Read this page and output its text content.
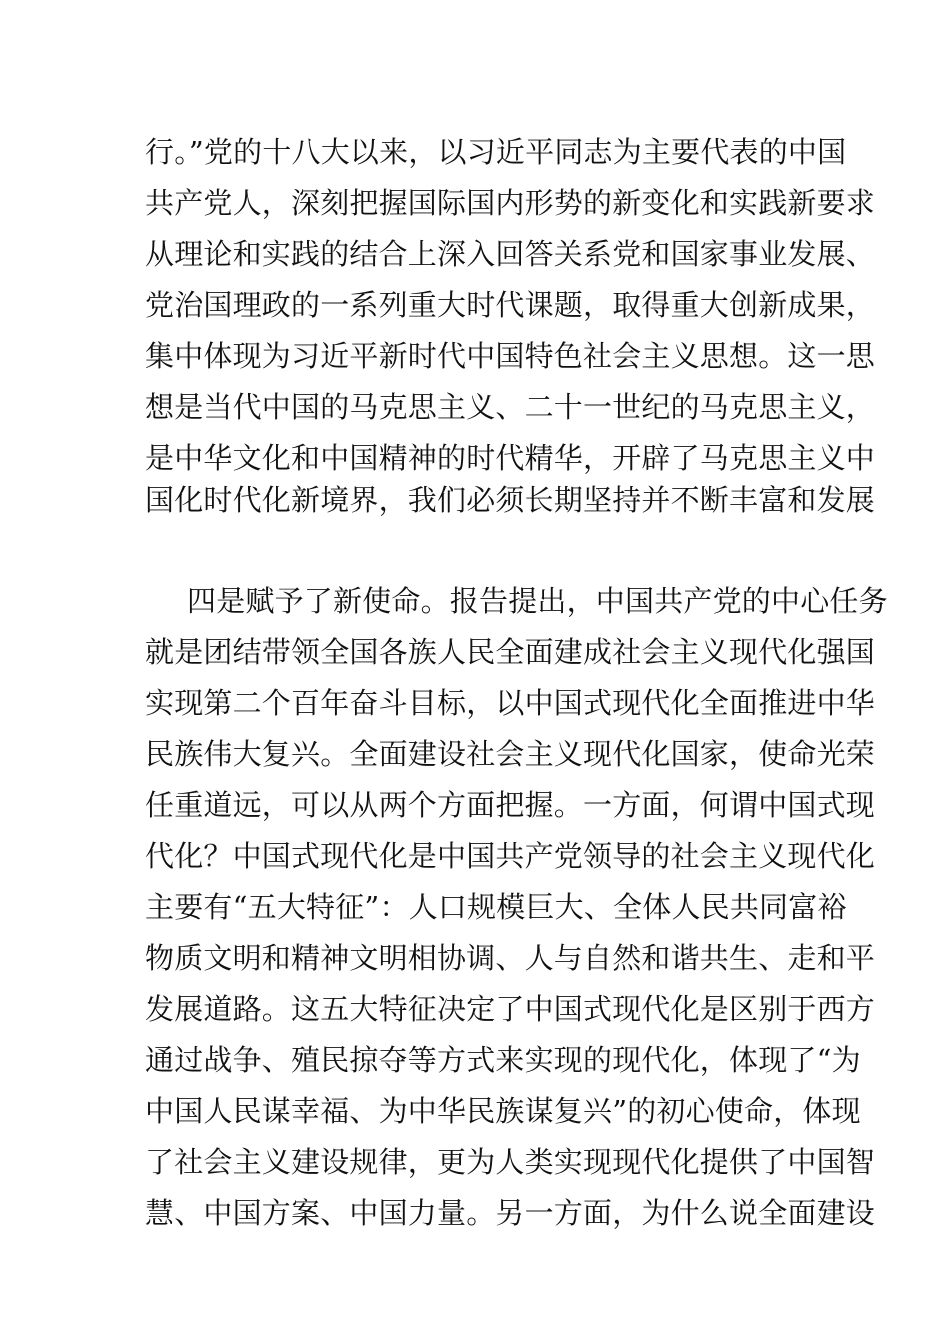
行。”党的十八大以来，以习近平同志为主要代表的中国
共产党人，深刻把握国际国内形势的新变化和实践新要求
从理论和实践的结合上深入回答关系党和国家事业发展、
党治国理政的一系列重大时代课题，取得重大创新成果，
集中体现为习近平新时代中国特色社会主义思想。这一思
想是当代中国的马克思主义、二十一世纪的马克思主义，
是中华文化和中国精神的时代精华，开辟了马克思主义中
国化时代化新境界，我们必须长期坚持并不断丰富和发展
四是赋予了新使命。报告提出，中国共产党的中心任务
就是团结带领全国各族人民全面建成社会主义现代化强国
实现第二个百年奋斗目标，以中国式现代化全面推进中华
民族伟大复兴。全面建设社会主义现代化国家，使命光荣
任重道远，可以从两个方面把握。一方面，何谓中国式现
代化？中国式现代化是中国共产党领导的社会主义现代化
主要有“五大特征”：人口规模巨大、全体人民共同富裕
物质文明和精神文明相协调、人与自然和谐共生、走和平
发展道路。这五大特征决定了中国式现代化是区别于西方
通过战争、殖民掠夺等方式来实现的现代化，体现了“为
中国人民谋幸福、为中华民族谋复兴”的初心使命，体现
了社会主义建设规律，更为人类实现现代化提供了中国智
慧、中国方案、中国力量。另一方面，为什么说全面建设
